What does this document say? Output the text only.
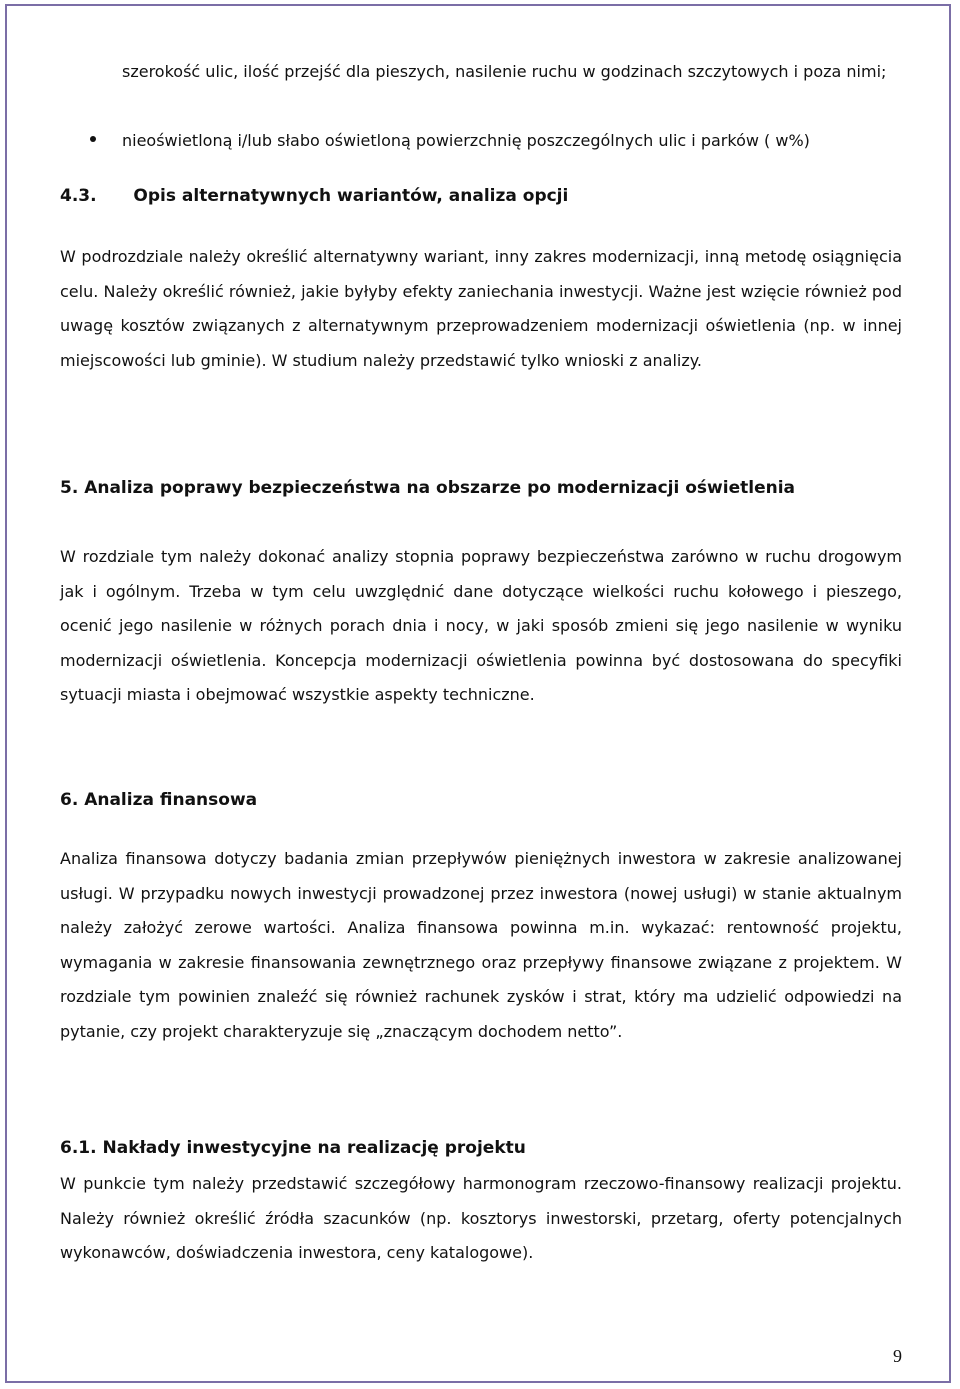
szerokość ulic, ilość przejść dla pieszych, nasilenie ruchu w godzinach szczytowych i poza nimi;
nieoświetloną i/lub słabo oświetloną powierzchnię poszczególnych ulic i parków ( w%)
4.3. Opis alternatywnych wariantów, analiza opcji

W podrozdziale należy określić alternatywny wariant, inny zakres modernizacji, inną metodę osiągnięcia celu. Należy określić również, jakie byłyby efekty zaniechania inwestycji. Ważne jest wzięcie również pod uwagę kosztów związanych z alternatywnym przeprowadzeniem modernizacji oświetlenia (np. w innej miejscowości lub gminie). W studium należy przedstawić tylko wnioski z analizy.

5. Analiza poprawy bezpieczeństwa na obszarze po modernizacji oświetlenia

W rozdziale tym należy dokonać analizy stopnia poprawy bezpieczeństwa zarówno w ruchu drogowym jak i ogólnym. Trzeba w tym celu uwzględnić dane dotyczące wielkości ruchu kołowego i pieszego, ocenić jego nasilenie w różnych porach dnia i nocy, w jaki sposób zmieni się jego nasilenie w wyniku modernizacji oświetlenia. Koncepcja modernizacji oświetlenia powinna być dostosowana do specyfiki sytuacji miasta i obejmować wszystkie aspekty techniczne.

6. Analiza finansowa

Analiza finansowa dotyczy badania zmian przepływów pieniężnych inwestora w zakresie analizowanej usługi. W przypadku nowych inwestycji prowadzonej przez inwestora (nowej usługi) w stanie aktualnym należy założyć zerowe wartości. Analiza finansowa powinna m.in. wykazać: rentowność projektu, wymagania w zakresie finansowania zewnętrznego oraz przepływy finansowe związane z projektem. W rozdziale tym powinien znaleźć się również rachunek zysków i strat, który ma udzielić odpowiedzi na pytanie, czy projekt charakteryzuje się „znaczącym dochodem netto”.

6.1. Nakłady inwestycyjne na realizację projektu

W punkcie tym należy przedstawić szczegółowy harmonogram rzeczowo-finansowy realizacji projektu. Należy również określić źródła szacunków (np. kosztorys inwestorski, przetarg, oferty potencjalnych wykonawców, doświadczenia inwestora, ceny katalogowe).

9
